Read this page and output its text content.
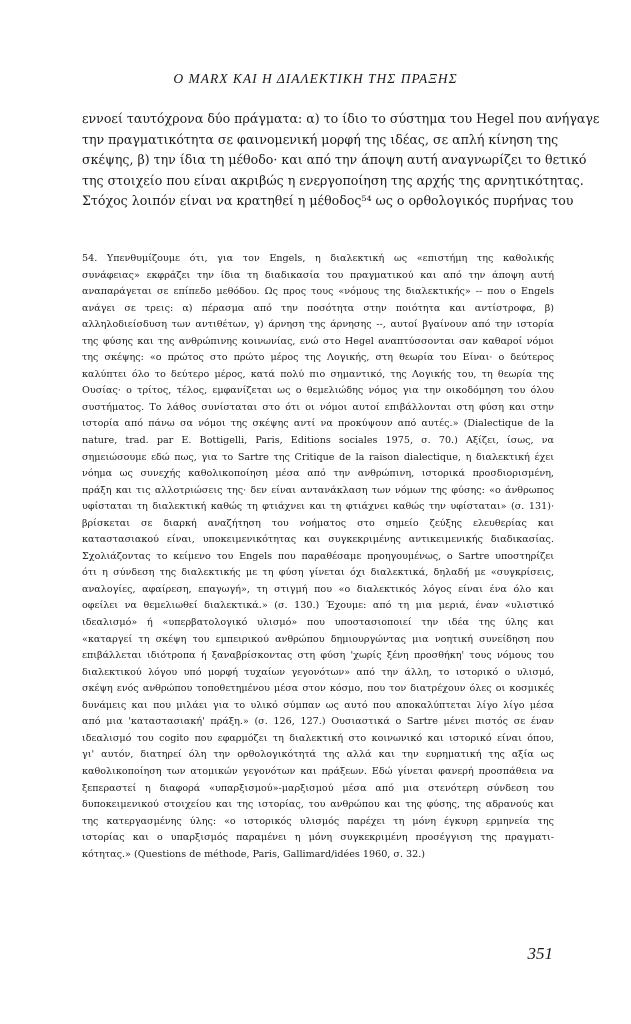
Ο MARX ΚΑΙ Η ΔΙΑΛΕΚΤΙΚΗ ΤΗΣ ΠΡΑΞΗΣ
εννοεί ταυτόχρονα δύο πράγματα: α) το ίδιο το σύστημα του Hegel που ανήγαγε
την πραγματικότητα σε φαινομενική μορφή της ιδέας, σε απλή κίνηση της
σκέψης, β) την ίδια τη μέθοδο· και από την άποψη αυτή αναγνωρίζει το θετικό
της στοιχείο που είναι ακριβώς η ενεργοποίηση της αρχής της αρνητικότητας.
Στόχος λοιπόν είναι να κρατηθεί η μέθοδος⁵⁴ ως ο ορθολογικός πυρήνας του
54. Υπενθυμίζουμε ότι, για τον Engels, η διαλεκτική ως «επιστήμη της καθολικής
συνάφειας» εκφράζει την ίδια τη διαδικασία του πραγματικού και από την άποψη αυτή
αναπαράγεται σε επίπεδο μεθόδου. Ως προς τους «νόμους της διαλεκτικής» -- που ο Engels
ανάγει σε τρεις: α) πέρασμα από την ποσότητα στην ποιότητα και αντίστροφα, β)
αλληλοδιείσδυση των αντιθέτων, γ) άρνηση της άρνησης --, αυτοί βγαίνουν από την ιστορία
της φύσης και της ανθρώπινης κοινωνίας, ενώ στο Hegel αναπτύσσονται σαν καθαροί νόμοι
της σκέψης: «ο πρώτος στο πρώτο μέρος της Λογικής, στη θεωρία του Είναι· ο δεύτερος
καλύπτει όλο το δεύτερο μέρος, κατά πολύ πιο σημαντικό, της Λογικής του, τη θεωρία της
Ουσίας· ο τρίτος, τέλος, εμφανίζεται ως ο θεμελιώδης νόμος για την οικοδόμηση του όλου
συστήματος. Το λάθος συνίσταται στο ότι οι νόμοι αυτοί επιβάλλονται στη φύση και στην
ιστορία από πάνω σα νόμοι της σκέψης αντί να προκύψουν από αυτές.» (Dialectique de la
nature, trad. par E. Bottigelli, Paris, Editions sociales 1975, σ. 70.) Αξίζει, ίσως, να
σημειώσουμε εδώ πως, για το Sartre της Critique de la raison dialectique, η διαλεκτική έχει
νόημα ως συνεχής καθολικοποίηση μέσα από την ανθρώπινη, ιστορικά προσδιορισμένη,
πράξη και τις αλλοτριώσεις της· δεν είναι αντανάκλαση των νόμων της φύσης: «ο άνθρωπος
υφίσταται τη διαλεκτική καθώς τη φτιάχνει και τη φτιάχνει καθώς την υφίσταται» (σ. 131)·
βρίσκεται σε διαρκή αναζήτηση του νοήματος στο σημείο ζεύξης ελευθερίας και
καταστασιακού είναι, υποκειμενικότητας και συγκεκριμένης αντικειμενικής διαδικασίας.
Σχολιάζοντας το κείμενο του Engels που παραθέσαμε προηγουμένως, ο Sartre υποστηρίζει
ότι η σύνδεση της διαλεκτικής με τη φύση γίνεται όχι διαλεκτικά, δηλαδή με «συγκρίσεις,
αναλογίες, αφαίρεση, επαγωγή», τη στιγμή που «ο διαλεκτικός λόγος είναι ένα όλο και
οφείλει να θεμελιωθεί διαλεκτικά.» (σ. 130.) Έχουμε: από τη μια μεριά, έναν «υλιστικό
ιδεαλισμό» ή «υπερβατολογικό υλισμό» που υποστασιοποιεί την ιδέα της ύλης και
«καταργεί τη σκέψη του εμπειρικού ανθρώπου δημιουργώντας μια νοητική συνείδηση που
επιβάλλεται ιδιότροπα ή ξαναβρίσκοντας στη φύση 'χωρίς ξένη προσθήκη' τους νόμους του
διαλεκτικού λόγου υπό μορφή τυχαίων γεγονότων» από την άλλη, το ιστορικό ο υλισμό,
σκέψη ενός ανθρώπου τοποθετημένου μέσα στον κόσμο, που τον διατρέχουν όλες οι κοσμικές
δυνάμεις και που μιλάει για το υλικό σύμπαν ως αυτό που αποκαλύπτεται λίγο λίγο μέσα
από μια 'καταστασιακή' πράξη.» (σ. 126, 127.) Ουσιαστικά ο Sartre μένει πιστός σε έναν
ιδεαλισμό του cogito που εφαρμόζει τη διαλεκτική στο κοινωνικό και ιστορικό είναι όπου,
γι' αυτόν, διατηρεί όλη την ορθολογικότητά της αλλά και την ευρηματική της αξία ως
καθολικοποίηση των ατομικών γεγονότων και πράξεων. Εδώ γίνεται φανερή προσπάθεια να
ξεπεραστεί η διαφορά «υπαρξισμού»-μαρξισμού μέσα από μια στενότερη σύνδεση του
δυποκειμενικού στοιχείου και της ιστορίας, του ανθρώπου και της φύσης, της αδρανούς και
της κατεργασμένης ύλης: «ο ιστορικός υλισμός παρέχει τη μόνη έγκυρη ερμηνεία της
ιστορίας και ο υπαρξισμός παραμένει η μόνη συγκεκριμένη προσέγγιση της πραγματι-
κότητας.» (Questions de méthode, Paris, Gallimard/idées 1960, σ. 32.)
351
